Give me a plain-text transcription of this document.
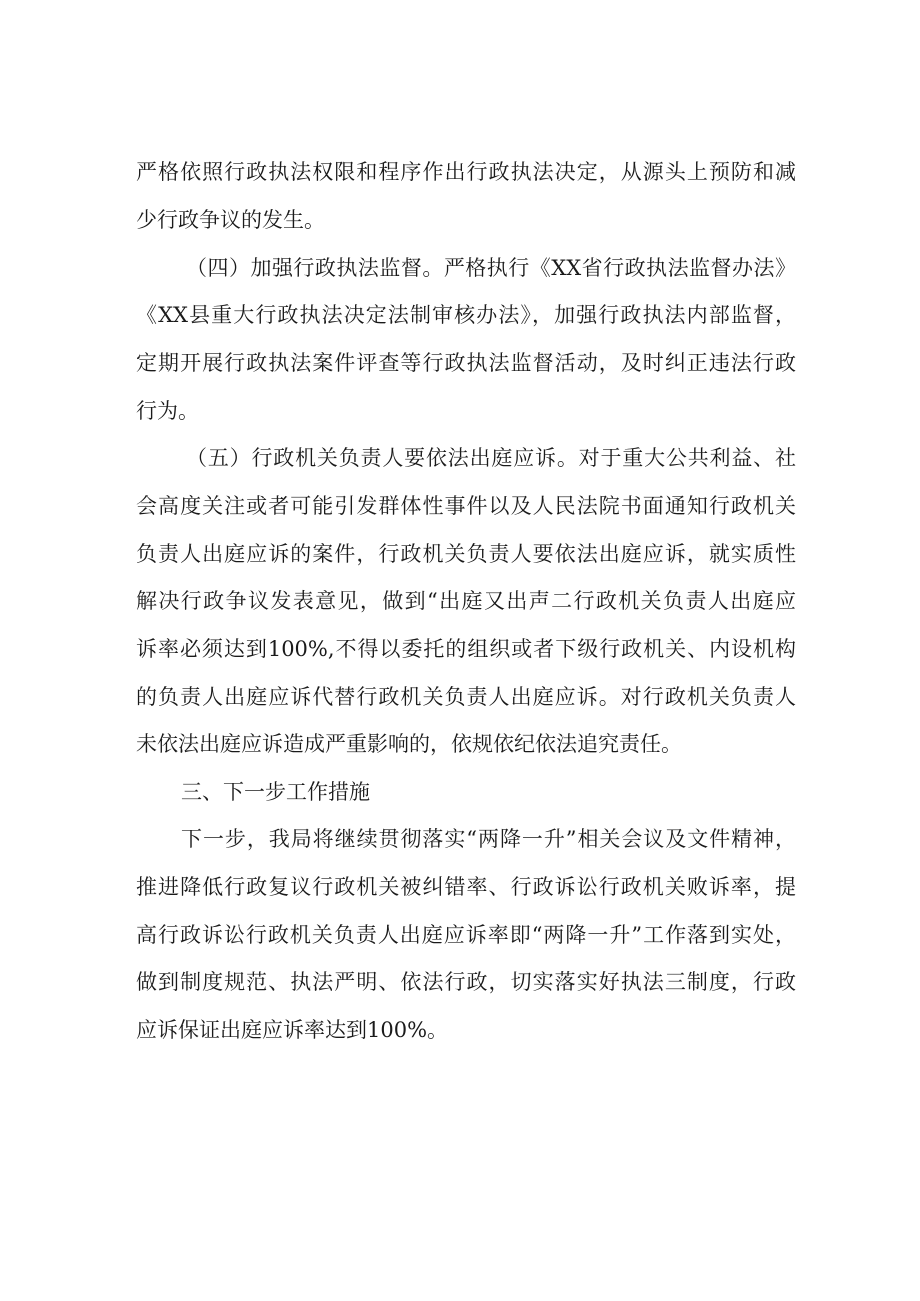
严格依照行政执法权限和程序作出行政执法决定，从源头上预防和减
少行政争议的发生。
（四）加强行政执法监督。严格执行《XX省行政执法监督办法》
《XX县重大行政执法决定法制审核办法》，加强行政执法内部监督，
定期开展行政执法案件评查等行政执法监督活动，及时纠正违法行政
行为。
（五）行政机关负责人要依法出庭应诉。对于重大公共利益、社
会高度关注或者可能引发群体性事件以及人民法院书面通知行政机关
负责人出庭应诉的案件，行政机关负责人要依法出庭应诉，就实质性
解决行政争议发表意见，做到“出庭又出声二行政机关负责人出庭应
诉率必须达到100%,不得以委托的组织或者下级行政机关、内设机构
的负责人出庭应诉代替行政机关负责人出庭应诉。对行政机关负责人
未依法出庭应诉造成严重影响的，依规依纪依法追究责任。
三、下一步工作措施
下一步，我局将继续贯彻落实“两降一升”相关会议及文件精神，
推进降低行政复议行政机关被纠错率、行政诉讼行政机关败诉率，提
高行政诉讼行政机关负责人出庭应诉率即“两降一升”工作落到实处，
做到制度规范、执法严明、依法行政，切实落实好执法三制度，行政
应诉保证出庭应诉率达到100%。
